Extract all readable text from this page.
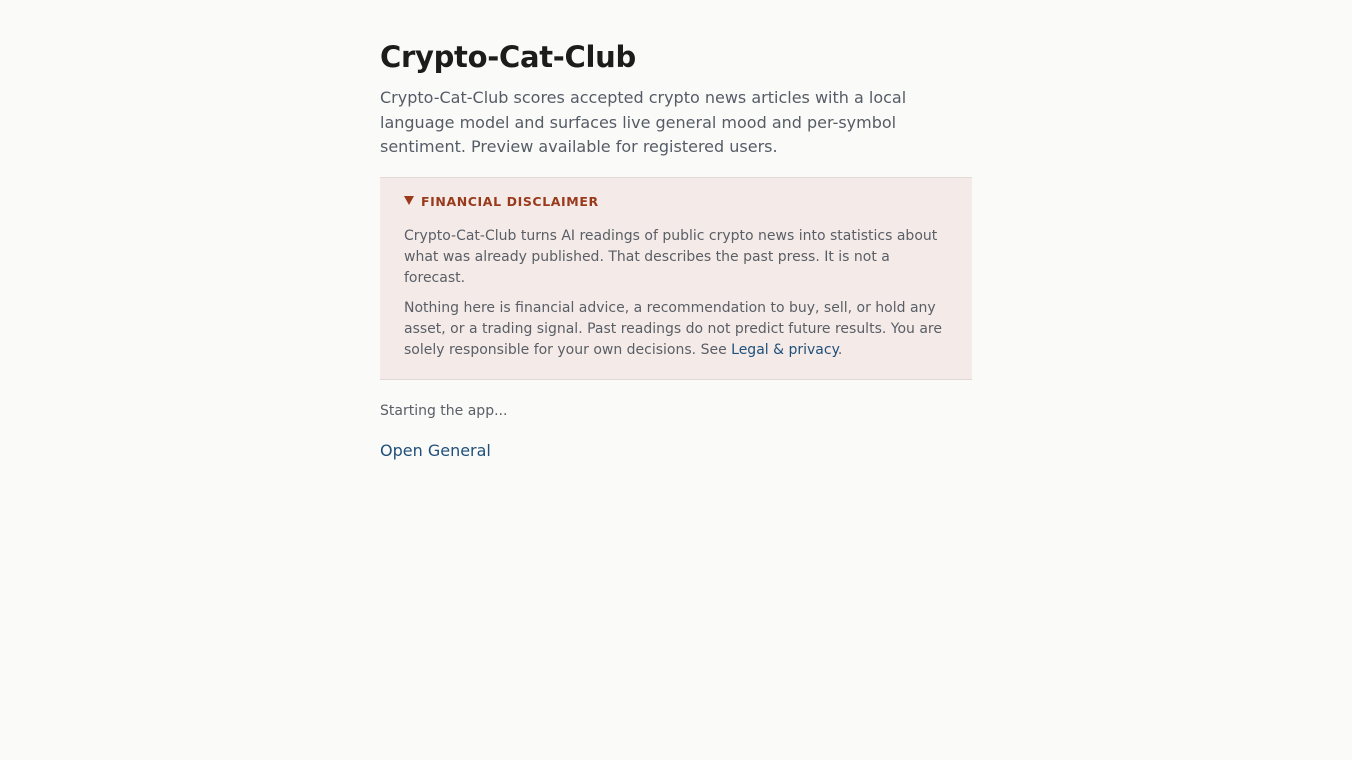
Crypto-Cat-Club

Crypto-Cat-Club scores accepted crypto news articles with a local language model and surfaces live general mood and per-symbol sentiment. Preview available for registered users.

FINANCIAL DISCLAIMER

Crypto-Cat-Club turns AI readings of public crypto news into statistics about what was already published. That describes the past press. It is not a forecast.

Nothing here is financial advice, a recommendation to buy, sell, or hold any asset, or a trading signal. Past readings do not predict future results. You are solely responsible for your own decisions. See Legal & privacy.

Starting the app...
Open General
